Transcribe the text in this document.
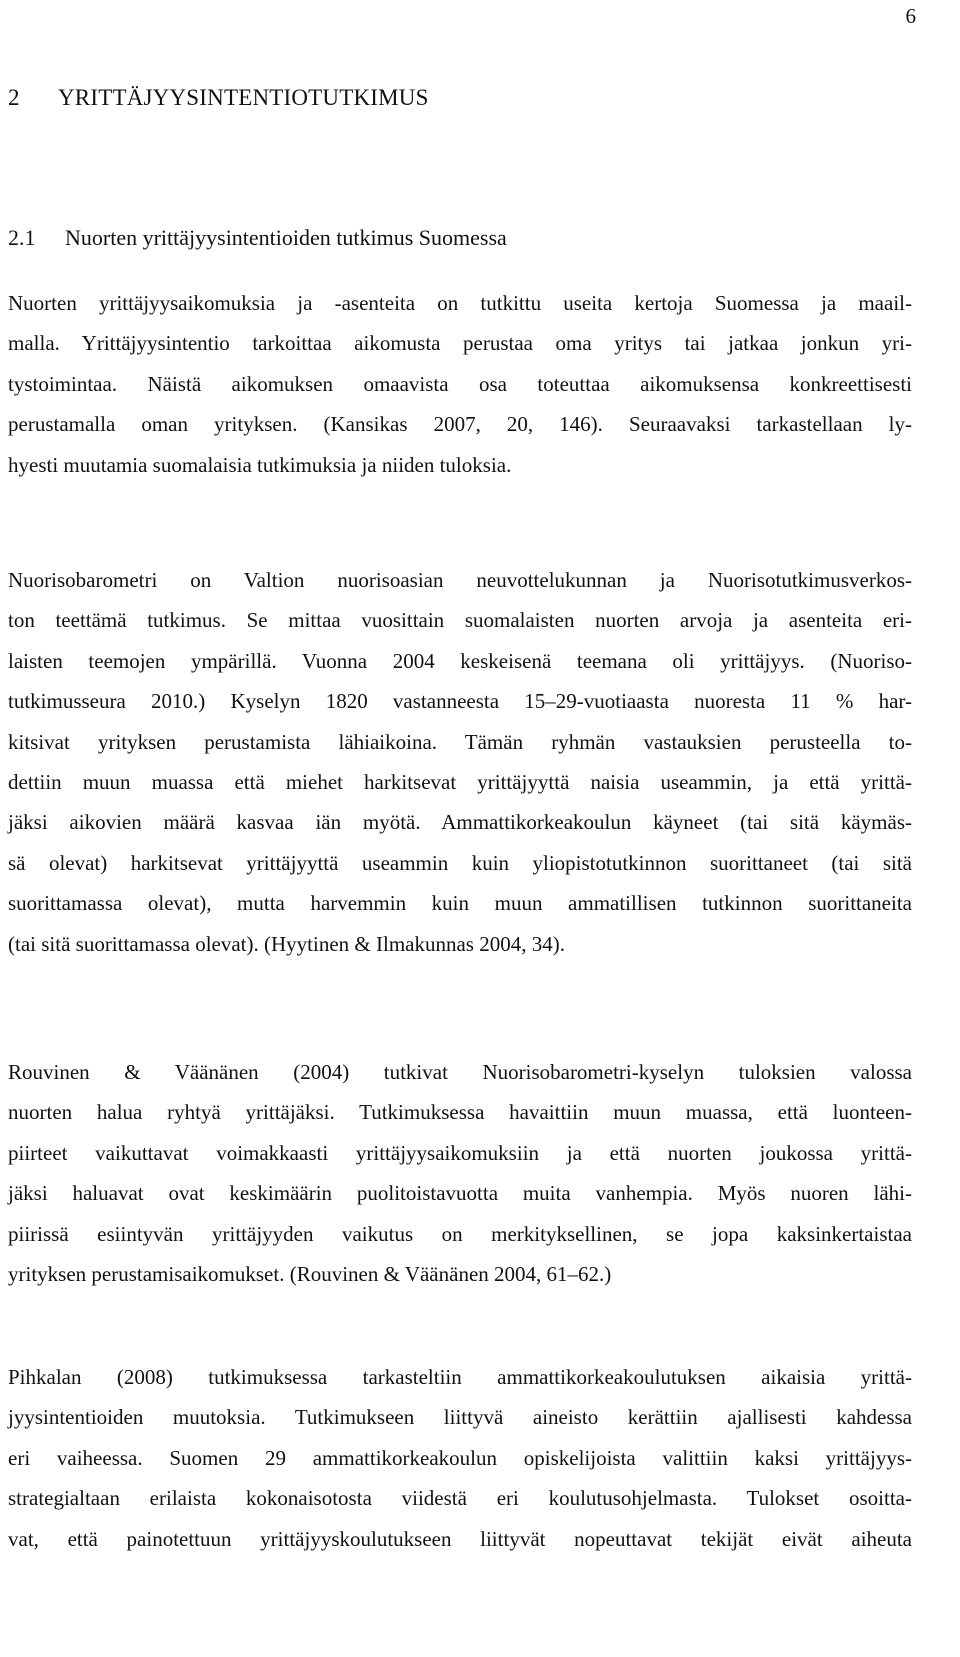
6
2 YRITTÄJYYSINTENTIOTUTKIMUS
2.1 Nuorten yrittäjyysintentioiden tutkimus Suomessa
Nuorten yrittäjyysaikomuksia ja -asenteita on tutkittu useita kertoja Suomessa ja maail-
malla. Yrittäjyysintentio tarkoittaa aikomusta perustaa oma yritys tai jatkaa jonkun yri-
tystoimintaa. Näistä aikomuksen omaavista osa toteuttaa aikomuksensa konkreettisesti
perustamalla oman yrityksen. (Kansikas 2007, 20, 146). Seuraavaksi tarkastellaan ly-
hyesti muutamia suomalaisia tutkimuksia ja niiden tuloksia.
Nuorisobarometri on Valtion nuorisoasian neuvottelukunnan ja Nuorisotutkimusverkos-
ton teettämä tutkimus. Se mittaa vuosittain suomalaisten nuorten arvoja ja asenteita eri-
laisten teemojen ympärillä. Vuonna 2004 keskeisenä teemana oli yrittäjyys. (Nuoriso-
tutkimusseura 2010.) Kyselyn 1820 vastanneesta 15–29-vuotiaasta nuoresta 11 % har-
kitsivat yrityksen perustamista lähiaikoina. Tämän ryhmän vastauksien perusteella to-
dettiin muun muassa että miehet harkitsevat yrittäjyyttä naisia useammin, ja että yrittä-
jäksi aikovien määrä kasvaa iän myötä. Ammattikorkeakoulun käyneet (tai sitä käymäs-
sä olevat) harkitsevat yrittäjyyttä useammin kuin yliopistotutkinnon suorittaneet (tai sitä
suorittamassa olevat), mutta harvemmin kuin muun ammatillisen tutkinnon suorittaneita
(tai sitä suorittamassa olevat). (Hyytinen & Ilmakunnas 2004, 34).
Rouvinen & Väänänen (2004) tutkivat Nuorisobarometri-kyselyn tuloksien valossa
nuorten halua ryhtyä yrittäjäksi. Tutkimuksessa havaittiin muun muassa, että luonteen-
piirteet vaikuttavat voimakkaasti yrittäjyysaikomuksiin ja että nuorten joukossa yrittä-
jäksi haluavat ovat keskimäärin puolitoistavuotta muita vanhempia. Myös nuoren lähi-
piirissä esiintyvän yrittäjyyden vaikutus on merkityksellinen, se jopa kaksinkertaistaa
yrityksen perustamisaikomukset. (Rouvinen & Väänänen 2004, 61–62.)
Pihkalan (2008) tutkimuksessa tarkasteltiin ammattikorkeakoulutuksen aikaisia yrittä-
jyysintentioiden muutoksia. Tutkimukseen liittyvä aineisto kerättiin ajallisesti kahdessa
eri vaiheessa. Suomen 29 ammattikorkeakoulun opiskelijoista valittiin kaksi yrittäjyys-
strategialtaan erilaista kokonaisotosta viidestä eri koulutusohjelmasta. Tulokset osoitta-
vat, että painotettuun yrittäjyyskoulutukseen liittyvät nopeuttavat tekijät eivät aiheuta
